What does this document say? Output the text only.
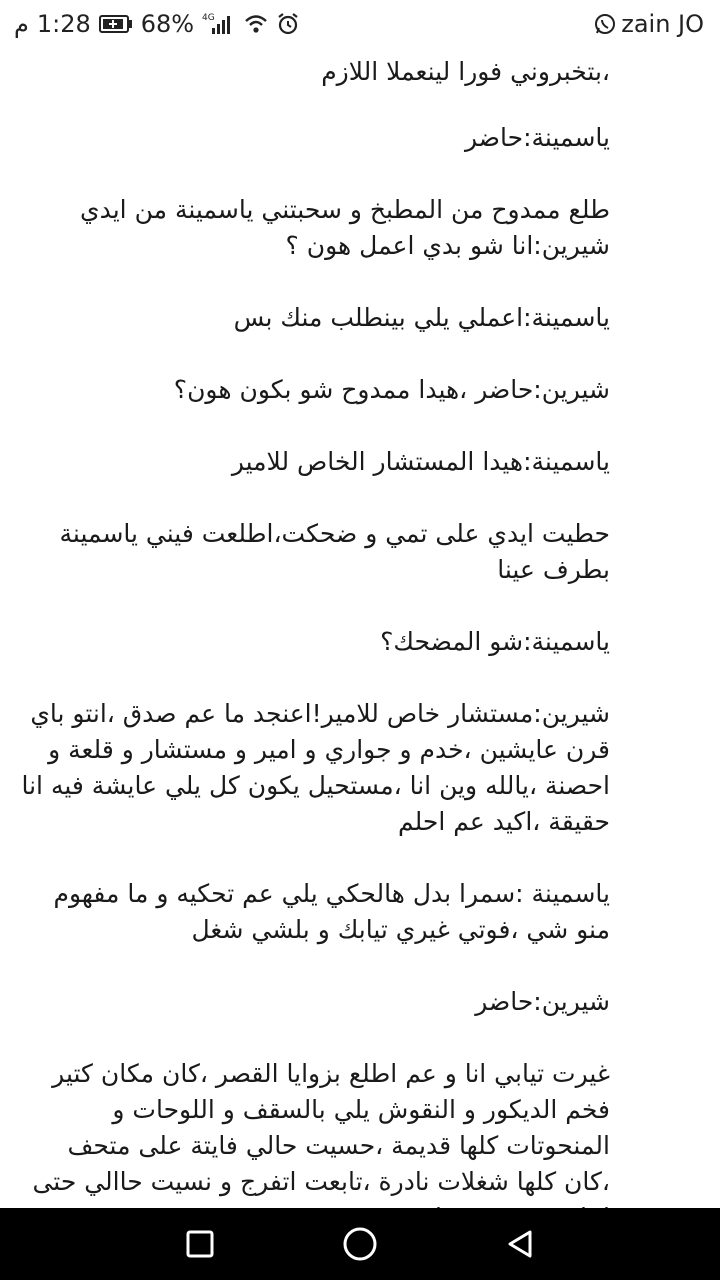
م 1:28 68% 4G	zain JO

،بتخبروني فورا لينعملا اللازم

ياسمينة:حاضر

طلع ممدوح من المطبخ و سحبتني ياسمينة من ايدي

شيرين:انا شو بدي اعمل هون ؟

ياسمينة:اعملي يلي بينطلب منك بس

شيرين:حاضر ،هيدا ممدوح شو بكون هون؟

ياسمينة:هيدا المستشار الخاص للامير

حطيت ايدي على تمي و ضحكت،اطلعت فيني ياسمينة بطرف عينا

ياسمينة:شو المضحك؟

شيرين:مستشار خاص للامير!اعنجد ما عم صدق ،انتو باي قرن عايشين ،خدم و جواري و امير و مستشار و قلعة و احصنة ،يالله وين انا ،مستحيل يكون كل يلي عايشة فيه انا حقيقة ،اكيد عم احلم

ياسمينة :سمرا بدل هالحكي يلي عم تحكيه و ما مفهوم منو شي ،فوتي غيري تيابك و بلشي شغل

شيرين:حاضر

غيرت تيابي انا و عم اطلع بزوايا القصر ،كان مكان كتير فخم الديكور و النقوش يلي بالسقف و اللوحات و المنحوتات كلها قديمة ،حسيت حالي فايتة على متحف ،كان كلها شغلات نادرة ،تابعت اتفرج و نسيت حاالي حتى
